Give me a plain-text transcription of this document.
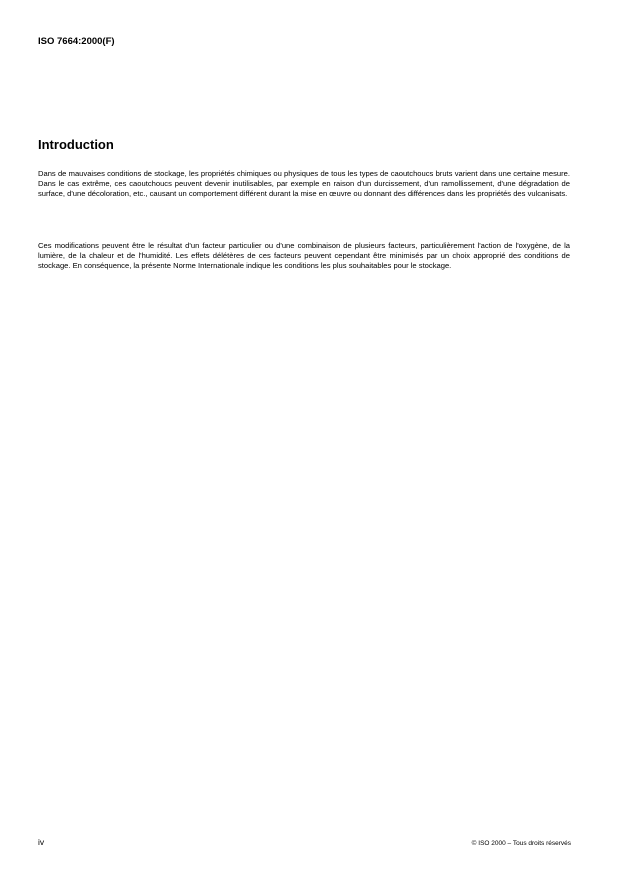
ISO 7664:2000(F)
Introduction

Dans de mauvaises conditions de stockage, les propriétés chimiques ou physiques de tous les types de caoutchoucs bruts varient dans une certaine mesure. Dans le cas extrême, ces caoutchoucs peuvent devenir inutilisables, par exemple en raison d'un durcissement, d'un ramollissement, d'une dégradation de surface, d'une décoloration, etc., causant un comportement différent durant la mise en œuvre ou donnant des différences dans les propriétés des vulcanisats.

Ces modifications peuvent être le résultat d'un facteur particulier ou d'une combinaison de plusieurs facteurs, particulièrement l'action de l'oxygène, de la lumière, de la chaleur et de l'humidité. Les effets délétères de ces facteurs peuvent cependant être minimisés par un choix approprié des conditions de stockage. En conséquence, la présente Norme Internationale indique les conditions les plus souhaitables pour le stockage.

iv	© ISO 2000 – Tous droits réservés
